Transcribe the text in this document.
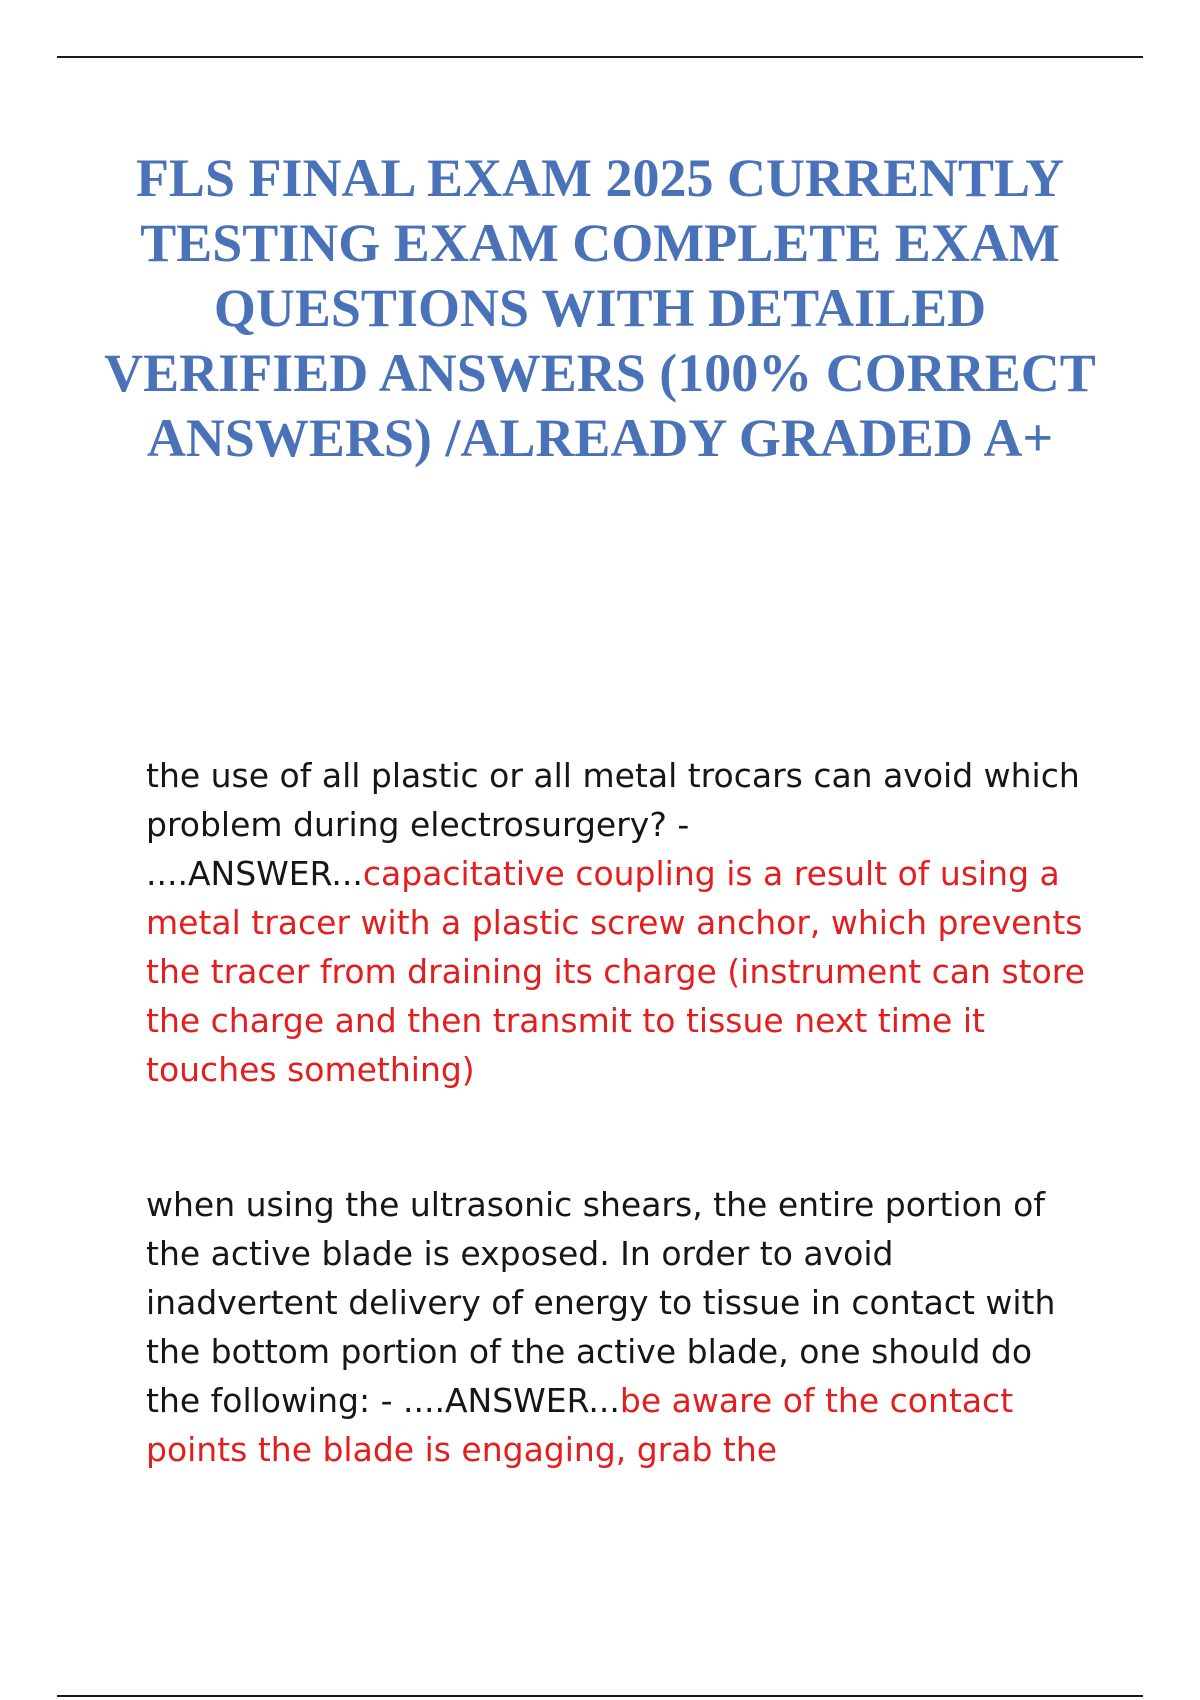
FLS FINAL EXAM 2025 CURRENTLY TESTING EXAM COMPLETE EXAM QUESTIONS WITH DETAILED VERIFIED ANSWERS (100% CORRECT ANSWERS) /ALREADY GRADED A+

the use of all plastic or all metal trocars can avoid which problem during electrosurgery? - ....ANSWER...capacitative coupling is a result of using a metal tracer with a plastic screw anchor, which prevents the tracer from draining its charge (instrument can store the charge and then transmit to tissue next time it touches something)

when using the ultrasonic shears, the entire portion of the active blade is exposed. In order to avoid inadvertent delivery of energy to tissue in contact with the bottom portion of the active blade, one should do the following: - ....ANSWER...be aware of the contact points the blade is engaging, grab the
